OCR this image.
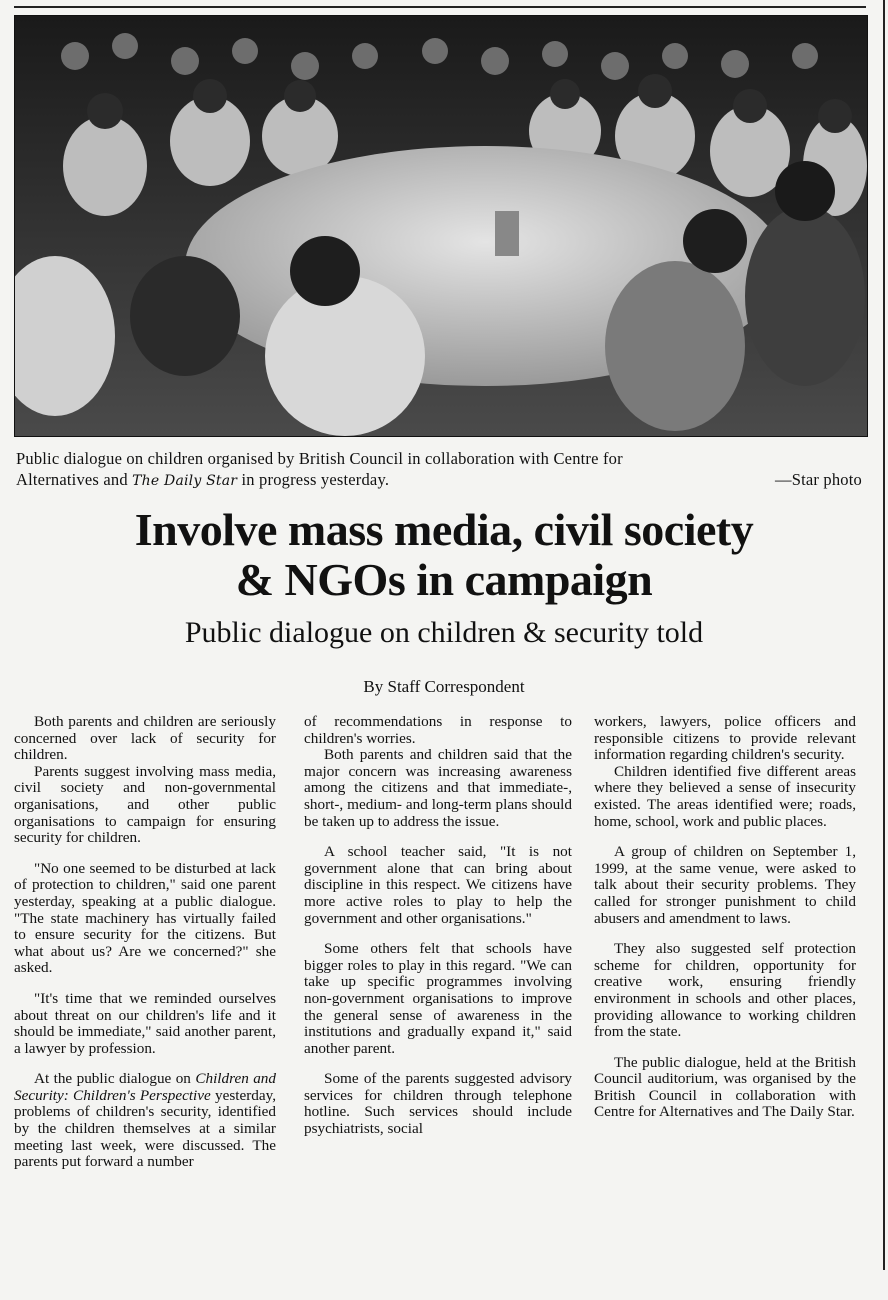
Public dialogue on children organised by British Council in collaboration with Centre for
Alternatives and The Daily Star in progress yesterday.	—Star photo
Involve mass media, civil society
& NGOs in campaign
Public dialogue on children & security told
By Staff Correspondent

Both parents and children are seriously concerned over lack of security for children.

Parents suggest involving mass media, civil society and non-governmental organisations, and other public organisations to campaign for ensuring security for children.

"No one seemed to be disturbed at lack of protection to children," said one parent yesterday, speaking at a public dialogue. "The state machinery has virtually failed to ensure security for the citizens. But what about us? Are we concerned?" she asked.

"It's time that we reminded ourselves about threat on our children's life and it should be immediate," said another parent, a lawyer by profession.

At the public dialogue on Children and Security: Children's Perspective yesterday, problems of children's security, identified by the children themselves at a similar meeting last week, were discussed. The parents put forward a number

of recommendations in response to children's worries.

Both parents and children said that the major concern was increasing awareness among the citizens and that immediate-, short-, medium- and long-term plans should be taken up to address the issue.

A school teacher said, "It is not government alone that can bring about discipline in this respect. We citizens have more active roles to play to help the government and other organisations."

Some others felt that schools have bigger roles to play in this regard. "We can take up specific programmes involving non-government organisations to improve the general sense of awareness in the institutions and gradually expand it," said another parent.

Some of the parents suggested advisory services for children through telephone hotline. Such services should include psychiatrists, social

workers, lawyers, police officers and responsible citizens to provide relevant information regarding children's security.

Children identified five different areas where they believed a sense of insecurity existed. The areas identified were; roads, home, school, work and public places.

A group of children on September 1, 1999, at the same venue, were asked to talk about their security problems. They called for stronger punishment to child abusers and amendment to laws.

They also suggested self protection scheme for children, opportunity for creative work, ensuring friendly environment in schools and other places, providing allowance to working children from the state.

The public dialogue, held at the British Council auditorium, was organised by the British Council in collaboration with Centre for Alternatives and The Daily Star.
